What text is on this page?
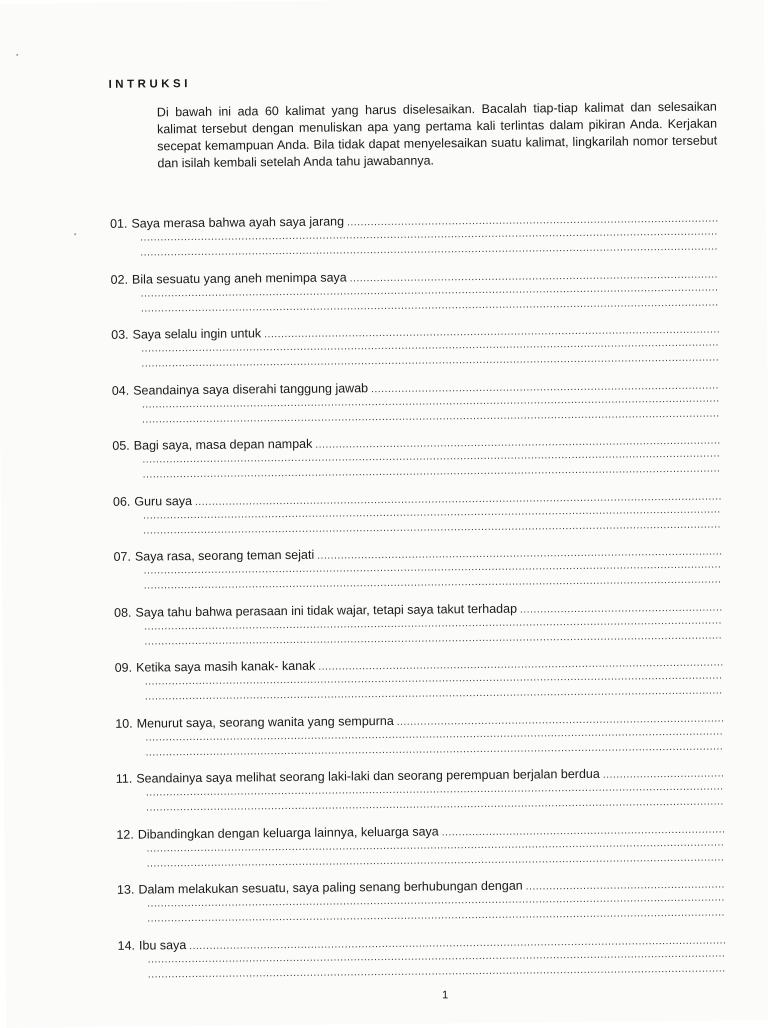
INTRUKSI
Di bawah ini ada 60 kalimat yang harus diselesaikan. Bacalah tiap-tiap kalimat dan selesaikan kalimat tersebut dengan menuliskan apa yang pertama kali terlintas dalam pikiran Anda. Kerjakan secepat kemampuan Anda. Bila tidak dapat menyelesaikan suatu kalimat, lingkarilah nomor tersebut dan isilah kembali setelah Anda tahu jawabannya.
01. Saya merasa bahwa ayah saya jarang
.....
.....
.....
02. Bila sesuatu yang aneh menimpa saya
.....
.....
.....
03. Saya selalu ingin untuk
.....
.....
.....
04. Seandainya saya diserahi tanggung jawab
.....
.....
.....
05. Bagi saya, masa depan nampak
.....
.....
.....
06. Guru saya
.....
.....
.....
07. Saya rasa, seorang teman sejati
.....
.....
.....
08. Saya tahu bahwa perasaan ini tidak wajar, tetapi saya takut terhadap
.....
.....
.....
09. Ketika saya masih kanak- kanak
.....
.....
.....
10. Menurut saya, seorang wanita yang sempurna
.....
.....
.....
11. Seandainya saya melihat seorang laki-laki dan seorang perempuan berjalan berdua
.....
.....
.....
12. Dibandingkan dengan keluarga lainnya, keluarga saya
.....
.....
.....
13. Dalam melakukan sesuatu, saya paling senang berhubungan dengan
.....
.....
.....
14. Ibu saya
.....
.....
.....
1
